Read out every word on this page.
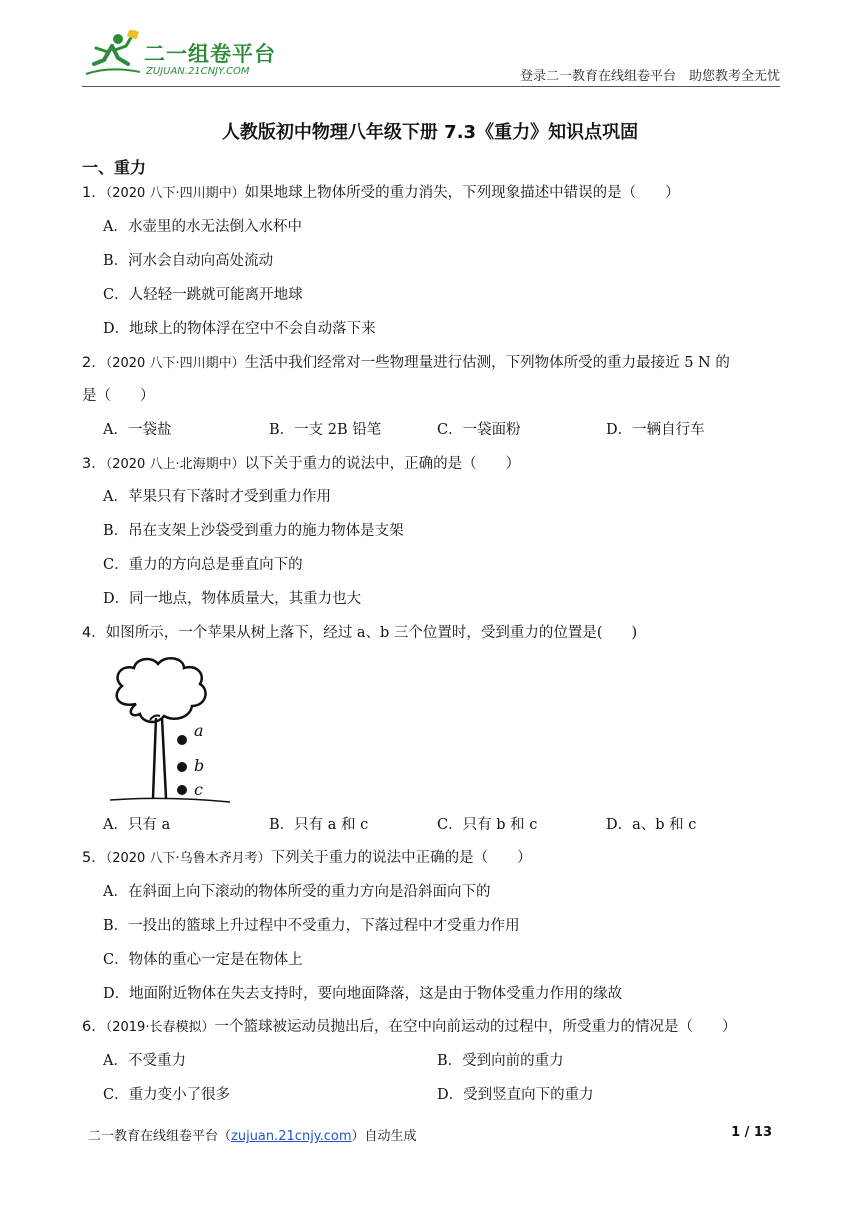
二一组卷平台
ZUJUAN.21CNJY.COM	登录二一教育在线组卷平台　助您教考全无忧
人教版初中物理八年级下册 7.3《重力》知识点巩固
一、重力
1．（2020 八下·四川期中）如果地球上物体所受的重力消失，下列现象描述中错误的是（　　）
A．水壶里的水无法倒入水杯中
B．河水会自动向高处流动
C．人轻轻一跳就可能离开地球
D．地球上的物体浮在空中不会自动落下来
2．（2020 八下·四川期中）生活中我们经常对一些物理量进行估测，下列物体所受的重力最接近 5 N 的
是（　　）
A．一袋盐	B．一支 2B 铅笔	C．一袋面粉	D．一辆自行车
3．（2020 八上·北海期中）以下关于重力的说法中，正确的是（　　）
A．苹果只有下落时才受到重力作用
B．吊在支架上沙袋受到重力的施力物体是支架
C．重力的方向总是垂直向下的
D．同一地点，物体质量大，其重力也大
4．如图所示，一个苹果从树上落下，经过 a、b 三个位置时，受到重力的位置是(　　)
a
b
c
A．只有 a	B．只有 a 和 c	C．只有 b 和 c	D．a、b 和 c
5．（2020 八下·乌鲁木齐月考）下列关于重力的说法中正确的是（　　）
A．在斜面上向下滚动的物体所受的重力方向是沿斜面向下的
B．一投出的篮球上升过程中不受重力，下落过程中才受重力作用
C．物体的重心一定是在物体上
D．地面附近物体在失去支持时，要向地面降落，这是由于物体受重力作用的缘故
6．（2019·长春模拟）一个篮球被运动员抛出后，在空中向前运动的过程中，所受重力的情况是（　　）
A．不受重力	B．受到向前的重力
C．重力变小了很多	D．受到竖直向下的重力
二一教育在线组卷平台（zujuan.21cnjy.com）自动生成	1 / 13
